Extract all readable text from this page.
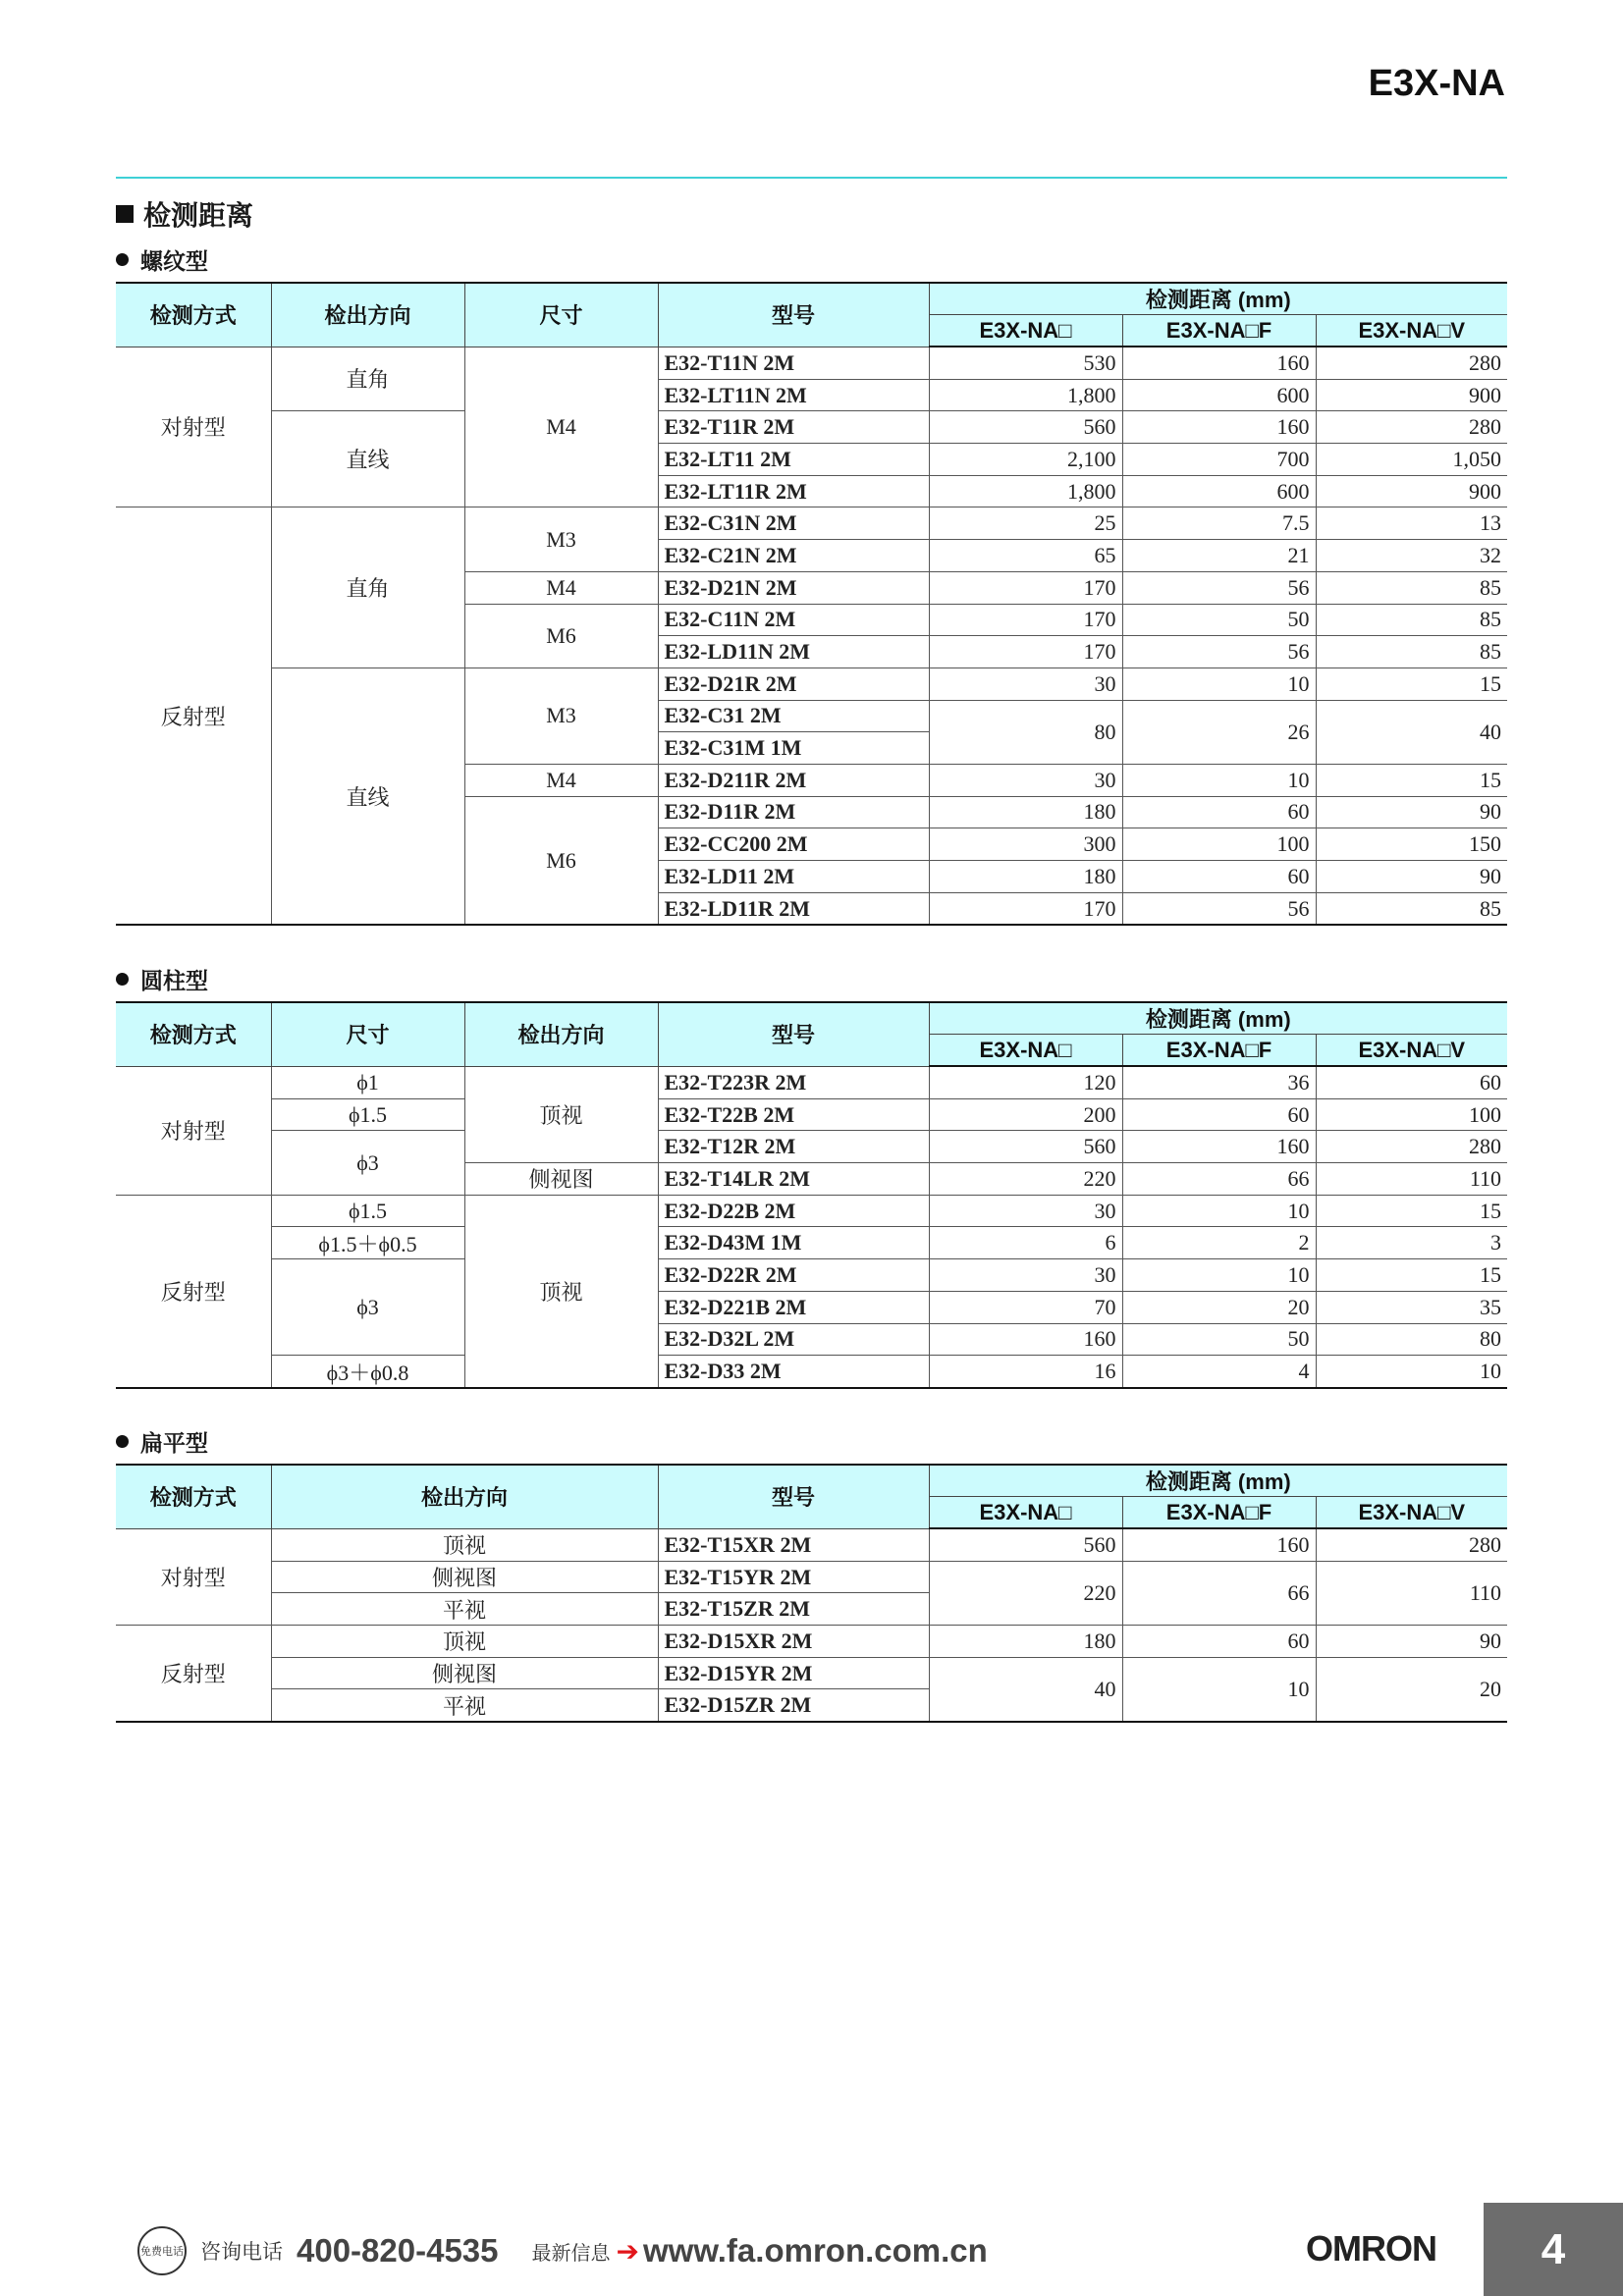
E3X-NA
检测距离
螺纹型
检测方式	检出方向	尺寸	型号	检测距离 (mm)		
				E3X-NA□	E3X-NA□F	E3X-NA□V
对射型	直角	M4	E32-T11N 2M	530	160	280
			E32-LT11N 2M	1,800	600	900
	直线		E32-T11R 2M	560	160	280
			E32-LT11 2M	2,100	700	1,050
			E32-LT11R 2M	1,800	600	900
反射型	直角	M3	E32-C31N 2M	25	7.5	13
			E32-C21N 2M	65	21	32
		M4	E32-D21N 2M	170	56	85
		M6	E32-C11N 2M	170	50	85
			E32-LD11N 2M	170	56	85
	直线	M3	E32-D21R 2M	30	10	15
			E32-C31 2M	80	26	40
			E32-C31M 1M			
		M4	E32-D211R 2M	30	10	15
		M6	E32-D11R 2M	180	60	90
			E32-CC200 2M	300	100	150
			E32-LD11 2M	180	60	90
			E32-LD11R 2M	170	56	85
圆柱型
检测方式	尺寸	检出方向	型号	检测距离 (mm)		
				E3X-NA□	E3X-NA□F	E3X-NA□V
对射型	ϕ1	顶视	E32-T223R 2M	120	36	60
	ϕ1.5		E32-T22B 2M	200	60	100
	ϕ3		E32-T12R 2M	560	160	280
		侧视图	E32-T14LR 2M	220	66	110
反射型	ϕ1.5	顶视	E32-D22B 2M	30	10	15
	ϕ1.5＋ϕ0.5		E32-D43M 1M	6	2	3
	ϕ3		E32-D22R 2M	30	10	15
			E32-D221B 2M	70	20	35
			E32-D32L 2M	160	50	80
	ϕ3＋ϕ0.8		E32-D33 2M	16	4	10
扁平型
检测方式	检出方向	型号	检测距离 (mm)		
			E3X-NA□	E3X-NA□F	E3X-NA□V
对射型	顶视	E32-T15XR 2M	560	160	280
	侧视图	E32-T15YR 2M	220	66	110
	平视	E32-T15ZR 2M			
反射型	顶视	E32-D15XR 2M	180	60	90
	侧视图	E32-D15YR 2M	40	10	20
	平视	E32-D15ZR 2M			
免费电话 咨询电话 400-820-4535 最新信息 ➔ www.fa.omron.com.cn	OMRON	4
